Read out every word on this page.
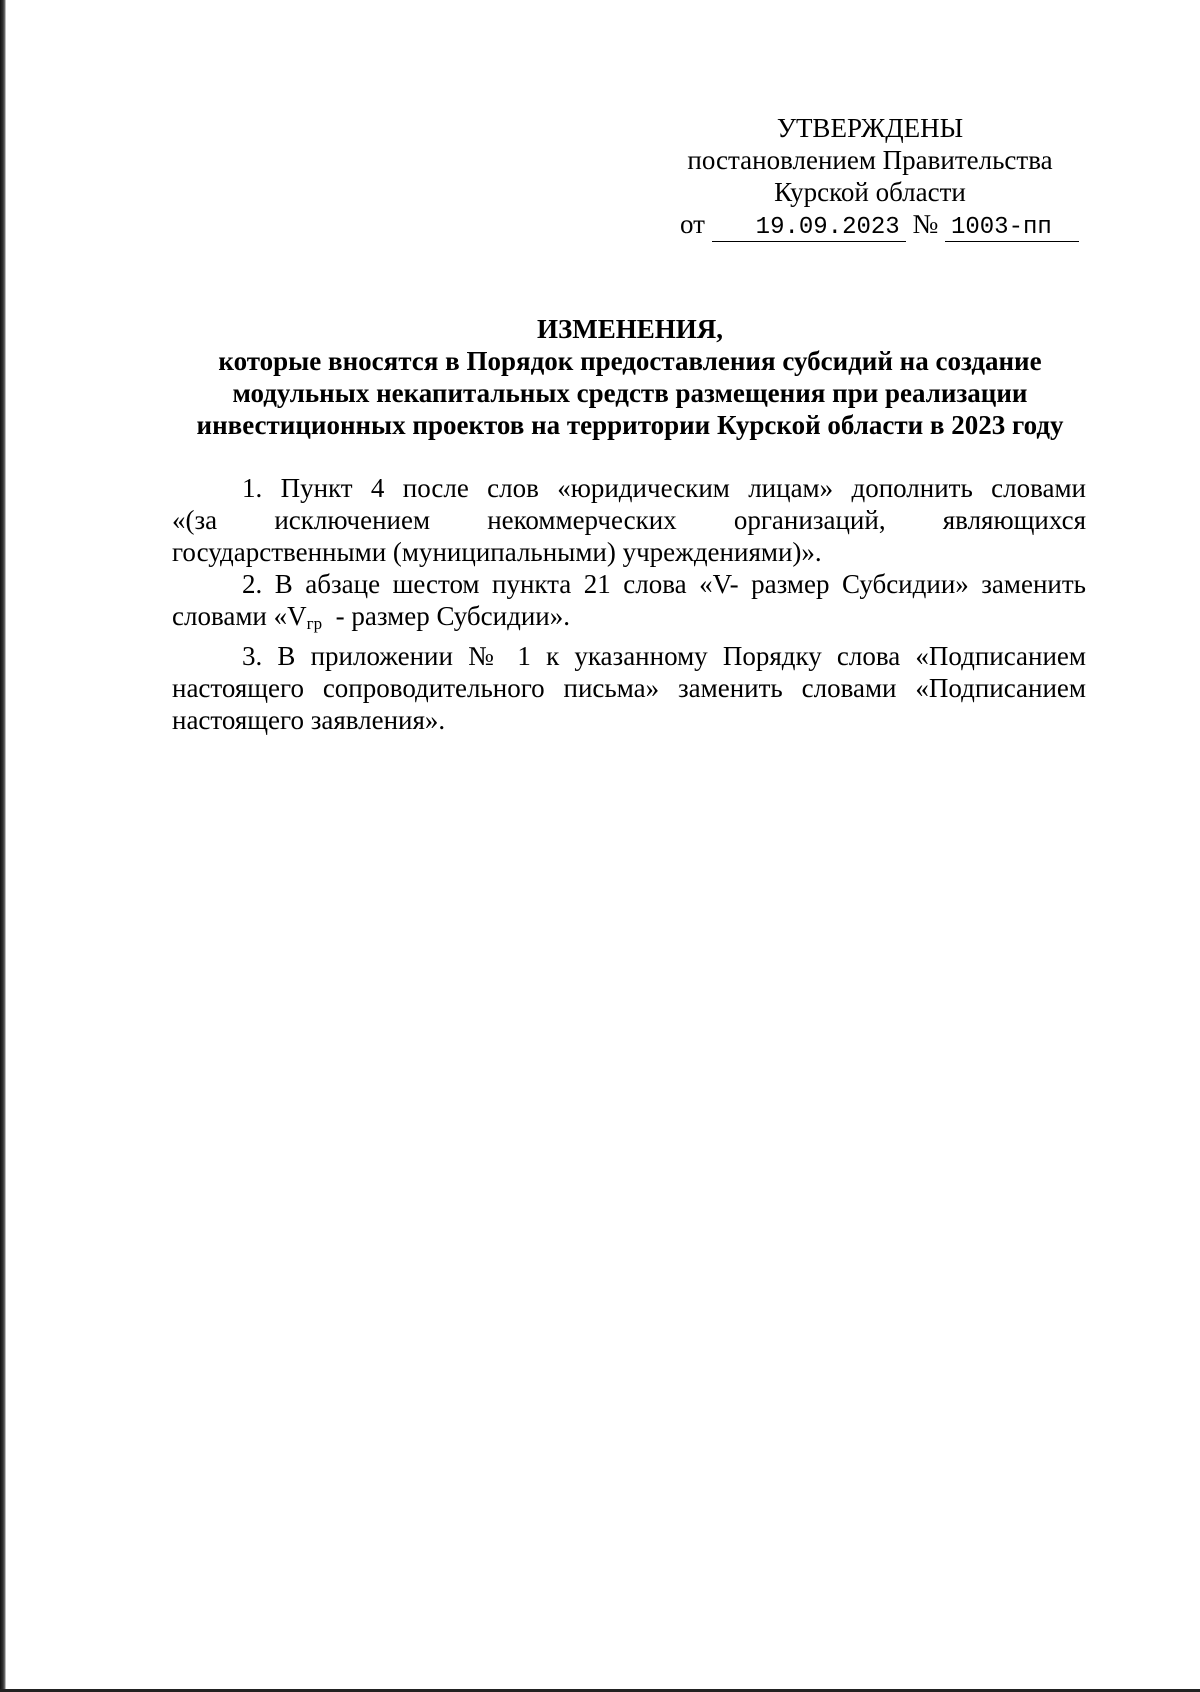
УТВЕРЖДЕНЫ
постановлением Правительства
Курской области
от 19.09.2023 № 1003-пп
ИЗМЕНЕНИЯ,
которые вносятся в Порядок предоставления субсидий на создание
модульных некапитальных средств размещения при реализации
инвестиционных проектов на территории Курской области в 2023 году

1. Пункт 4 после слов «юридическим лицам» дополнить словами
«(за исключением некоммерческих организаций, являющихся
государственными (муниципальными) учреждениями)».

2. В абзаце шестом пункта 21 слова «V- размер Субсидии» заменить
словами «$V_{гр}$  - размер Субсидии».

3. В приложении № 1 к указанному Порядку слова «Подписанием
настоящего сопроводительного письма» заменить словами «Подписанием
настоящего заявления».
